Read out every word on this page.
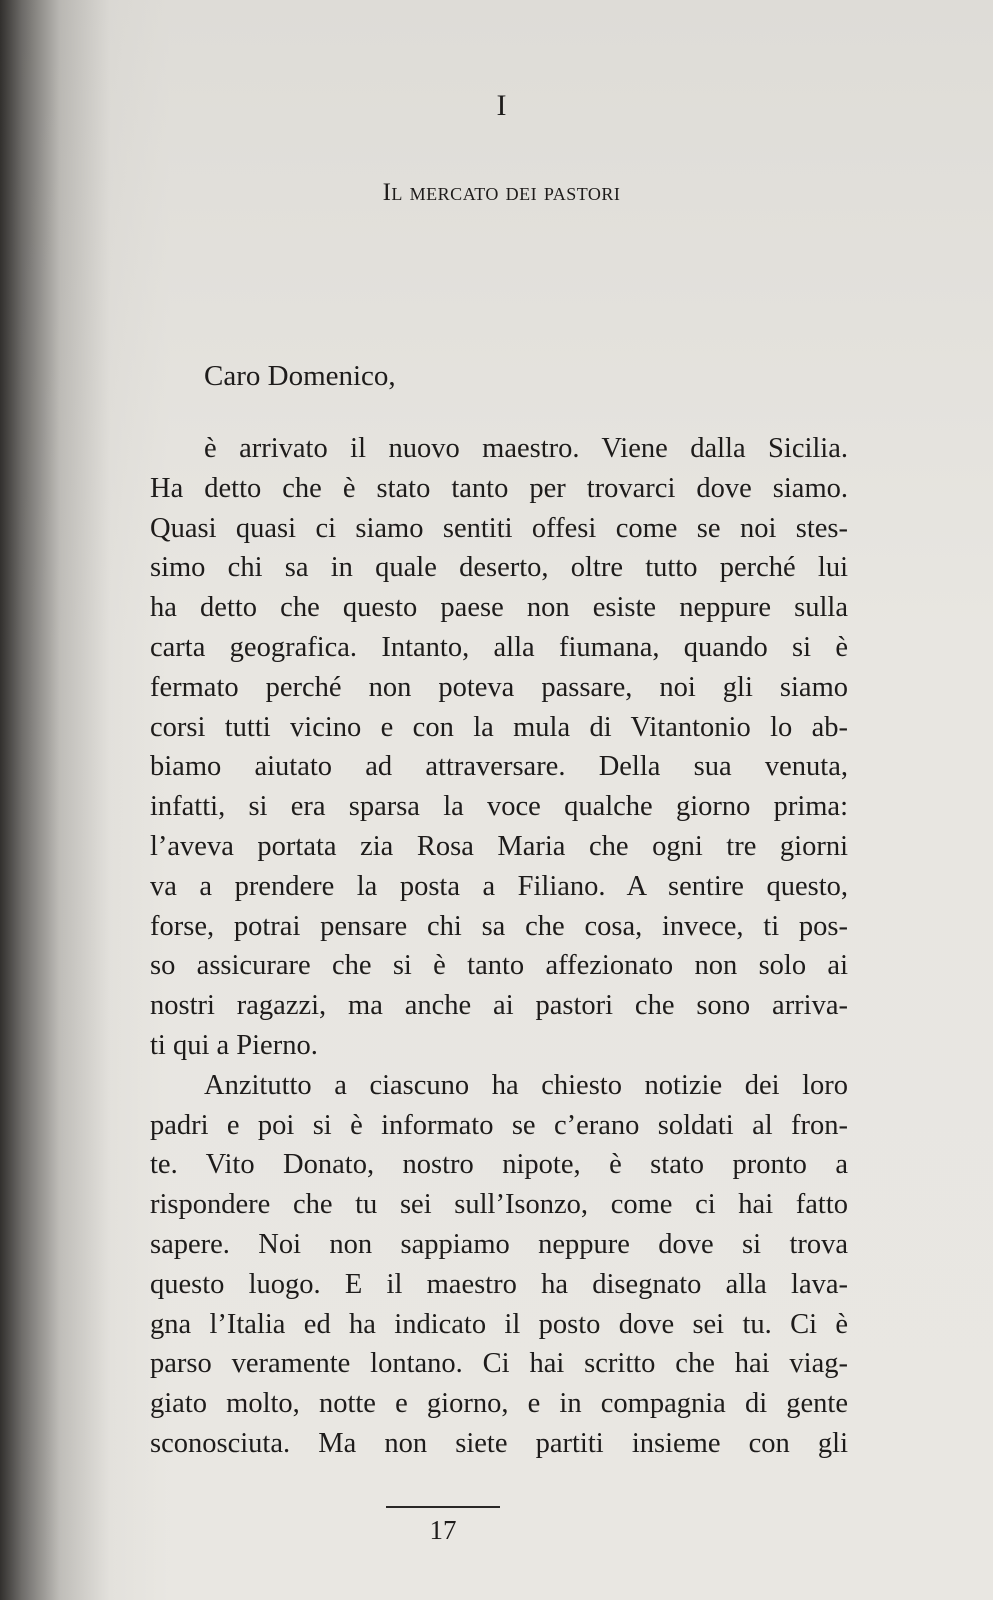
I
Il mercato dei pastori
Caro Domenico,
è arrivato il nuovo maestro. Viene dalla Sicilia.
Ha detto che è stato tanto per trovarci dove siamo.
Quasi quasi ci siamo sentiti offesi come se noi stes-
simo chi sa in quale deserto, oltre tutto perché lui
ha detto che questo paese non esiste neppure sulla
carta geografica. Intanto, alla fiumana, quando si è
fermato perché non poteva passare, noi gli siamo
corsi tutti vicino e con la mula di Vitantonio lo ab-
biamo aiutato ad attraversare. Della sua venuta,
infatti, si era sparsa la voce qualche giorno prima:
l’aveva portata zia Rosa Maria che ogni tre giorni
va a prendere la posta a Filiano. A sentire questo,
forse, potrai pensare chi sa che cosa, invece, ti pos-
so assicurare che si è tanto affezionato non solo ai
nostri ragazzi, ma anche ai pastori che sono arriva-
ti qui a Pierno.
Anzitutto a ciascuno ha chiesto notizie dei loro
padri e poi si è informato se c’erano soldati al fron-
te. Vito Donato, nostro nipote, è stato pronto a
rispondere che tu sei sull’Isonzo, come ci hai fatto
sapere. Noi non sappiamo neppure dove si trova
questo luogo. E il maestro ha disegnato alla lava-
gna l’Italia ed ha indicato il posto dove sei tu. Ci è
parso veramente lontano. Ci hai scritto che hai viag-
giato molto, notte e giorno, e in compagnia di gente
sconosciuta. Ma non siete partiti insieme con gli
17
